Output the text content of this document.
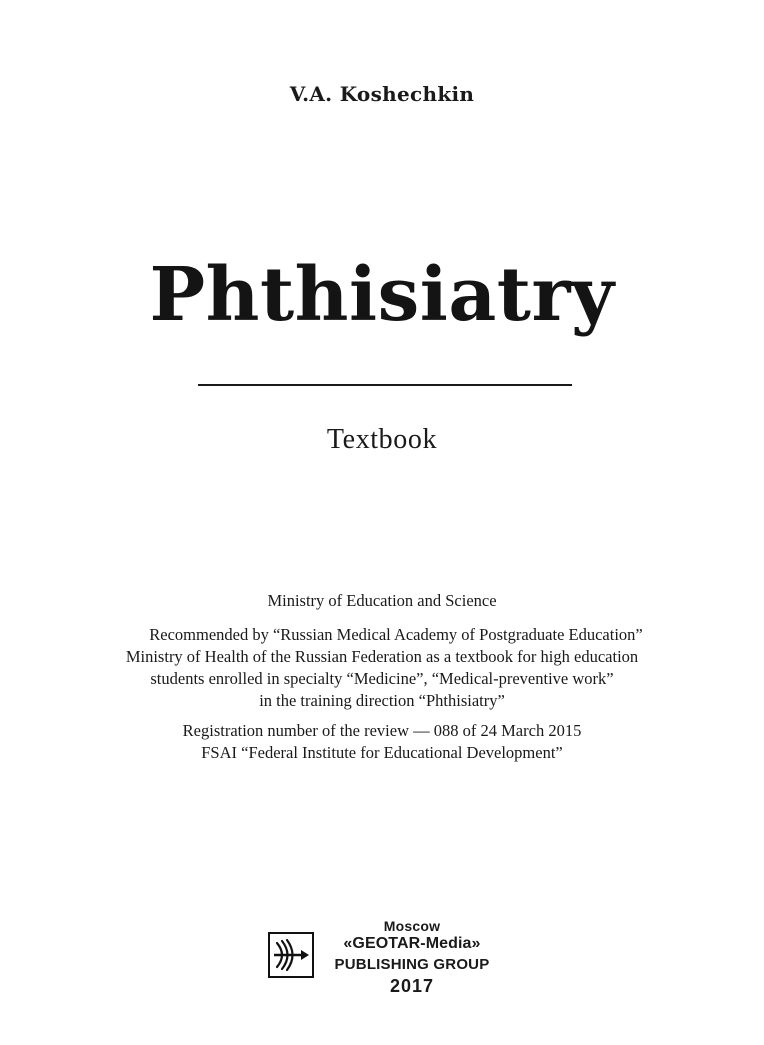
V.A. Koshechkin
Phthisiatry
Textbook
Ministry of Education and Science
Recommended by “Russian Medical Academy of Postgraduate Education”
Ministry of Health of the Russian Federation as a textbook for high education
students enrolled in specialty “Medicine”, “Medical-preventive work”
in the training direction “Phthisiatry”
Registration number of the review — 088 of 24 March 2015
FSAI “Federal Institute for Educational Development”
Moscow
«GEOTAR-Media»
PUBLISHING GROUP
2017
